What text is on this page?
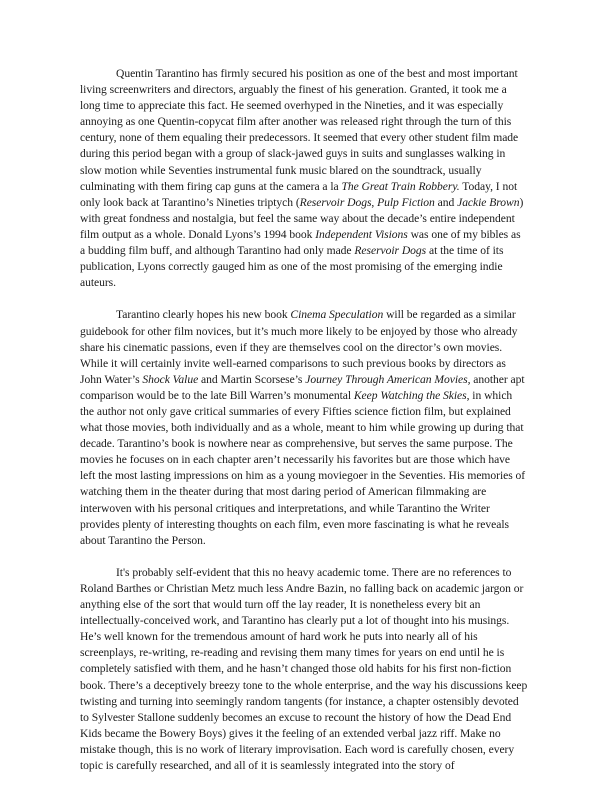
Quentin Tarantino has firmly secured his position as one of the best and most important living screenwriters and directors, arguably the finest of his generation. Granted, it took me a long time to appreciate this fact. He seemed overhyped in the Nineties, and it was especially annoying as one Quentin-copycat film after another was released right through the turn of this century, none of them equaling their predecessors. It seemed that every other student film made during this period began with a group of slack-jawed guys in suits and sunglasses walking in slow motion while Seventies instrumental funk music blared on the soundtrack, usually culminating with them firing cap guns at the camera a la The Great Train Robbery. Today, I not only look back at Tarantino’s Nineties triptych (Reservoir Dogs, Pulp Fiction and Jackie Brown) with great fondness and nostalgia, but feel the same way about the decade’s entire independent film output as a whole. Donald Lyons’s 1994 book Independent Visions was one of my bibles as a budding film buff, and although Tarantino had only made Reservoir Dogs at the time of its publication, Lyons correctly gauged him as one of the most promising of the emerging indie auteurs.

Tarantino clearly hopes his new book Cinema Speculation will be regarded as a similar guidebook for other film novices, but it’s much more likely to be enjoyed by those who already share his cinematic passions, even if they are themselves cool on the director’s own movies. While it will certainly invite well-earned comparisons to such previous books by directors as John Water’s Shock Value and Martin Scorsese’s Journey Through American Movies, another apt comparison would be to the late Bill Warren’s monumental Keep Watching the Skies, in which the author not only gave critical summaries of every Fifties science fiction film, but explained what those movies, both individually and as a whole, meant to him while growing up during that decade. Tarantino’s book is nowhere near as comprehensive, but serves the same purpose. The movies he focuses on in each chapter aren’t necessarily his favorites but are those which have left the most lasting impressions on him as a young moviegoer in the Seventies. His memories of watching them in the theater during that most daring period of American filmmaking are interwoven with his personal critiques and interpretations, and while Tarantino the Writer provides plenty of interesting thoughts on each film, even more fascinating is what he reveals about Tarantino the Person.

It's probably self-evident that this no heavy academic tome. There are no references to Roland Barthes or Christian Metz much less Andre Bazin, no falling back on academic jargon or anything else of the sort that would turn off the lay reader, It is nonetheless every bit an intellectually-conceived work, and Tarantino has clearly put a lot of thought into his musings. He’s well known for the tremendous amount of hard work he puts into nearly all of his screenplays, re-writing, re-reading and revising them many times for years on end until he is completely satisfied with them, and he hasn’t changed those old habits for his first non-fiction book. There’s a deceptively breezy tone to the whole enterprise, and the way his discussions keep twisting and turning into seemingly random tangents (for instance, a chapter ostensibly devoted to Sylvester Stallone suddenly becomes an excuse to recount the history of how the Dead End Kids became the Bowery Boys) gives it the feeling of an extended verbal jazz riff. Make no mistake though, this is no work of literary improvisation. Each word is carefully chosen, every topic is carefully researched, and all of it is seamlessly integrated into the story of
